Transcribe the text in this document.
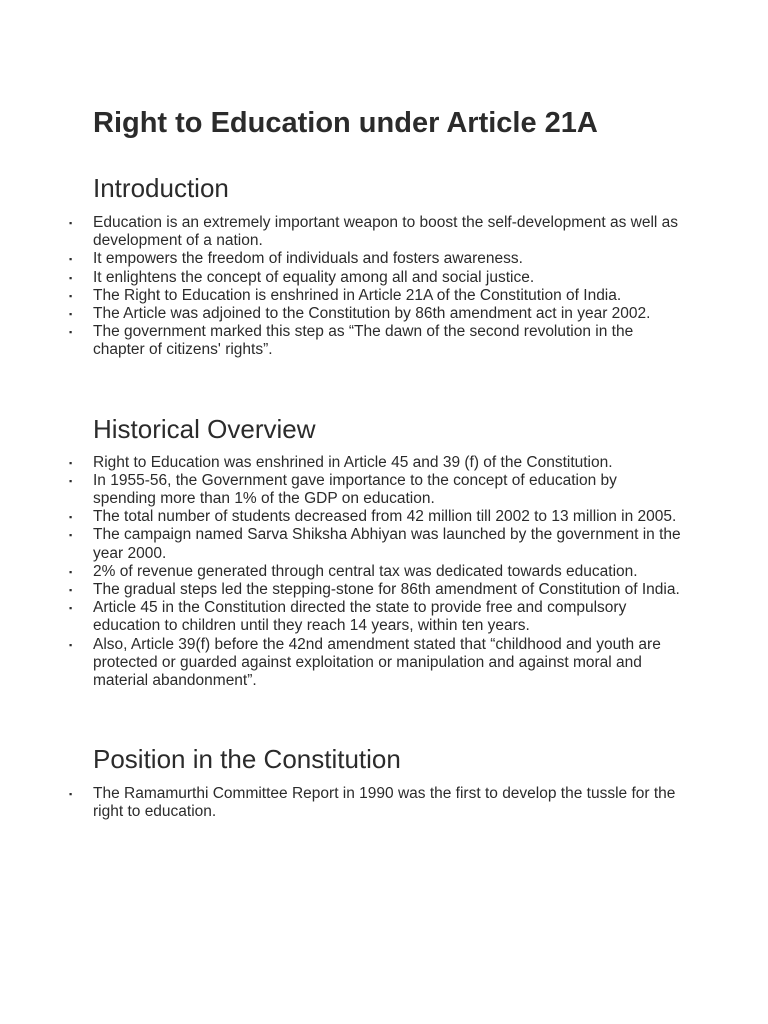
Right to Education under Article 21A
Introduction
▪ Education is an extremely important weapon to boost the self-development as well as development of a nation.
▪ It empowers the freedom of individuals and fosters awareness.
▪ It enlightens the concept of equality among all and social justice.
▪ The Right to Education is enshrined in Article 21A of the Constitution of India.
▪ The Article was adjoined to the Constitution by 86th amendment act in year 2002.
▪ The government marked this step as “The dawn of the second revolution in the chapter of citizens' rights”.
Historical Overview
▪ Right to Education was enshrined in Article 45 and 39 (f) of the Constitution.
▪ In 1955-56, the Government gave importance to the concept of education by spending more than 1% of the GDP on education.
▪ The total number of students decreased from 42 million till 2002 to 13 million in 2005.
▪ The campaign named Sarva Shiksha Abhiyan was launched by the government in the year 2000.
▪ 2% of revenue generated through central tax was dedicated towards education.
▪ The gradual steps led the stepping-stone for 86th amendment of Constitution of India.
▪ Article 45 in the Constitution directed the state to provide free and compulsory education to children until they reach 14 years, within ten years.
▪ Also, Article 39(f) before the 42nd amendment stated that “childhood and youth are protected or guarded against exploitation or manipulation and against moral and material abandonment”.
Position in the Constitution
▪ The Ramamurthi Committee Report in 1990 was the first to develop the tussle for the right to education.
